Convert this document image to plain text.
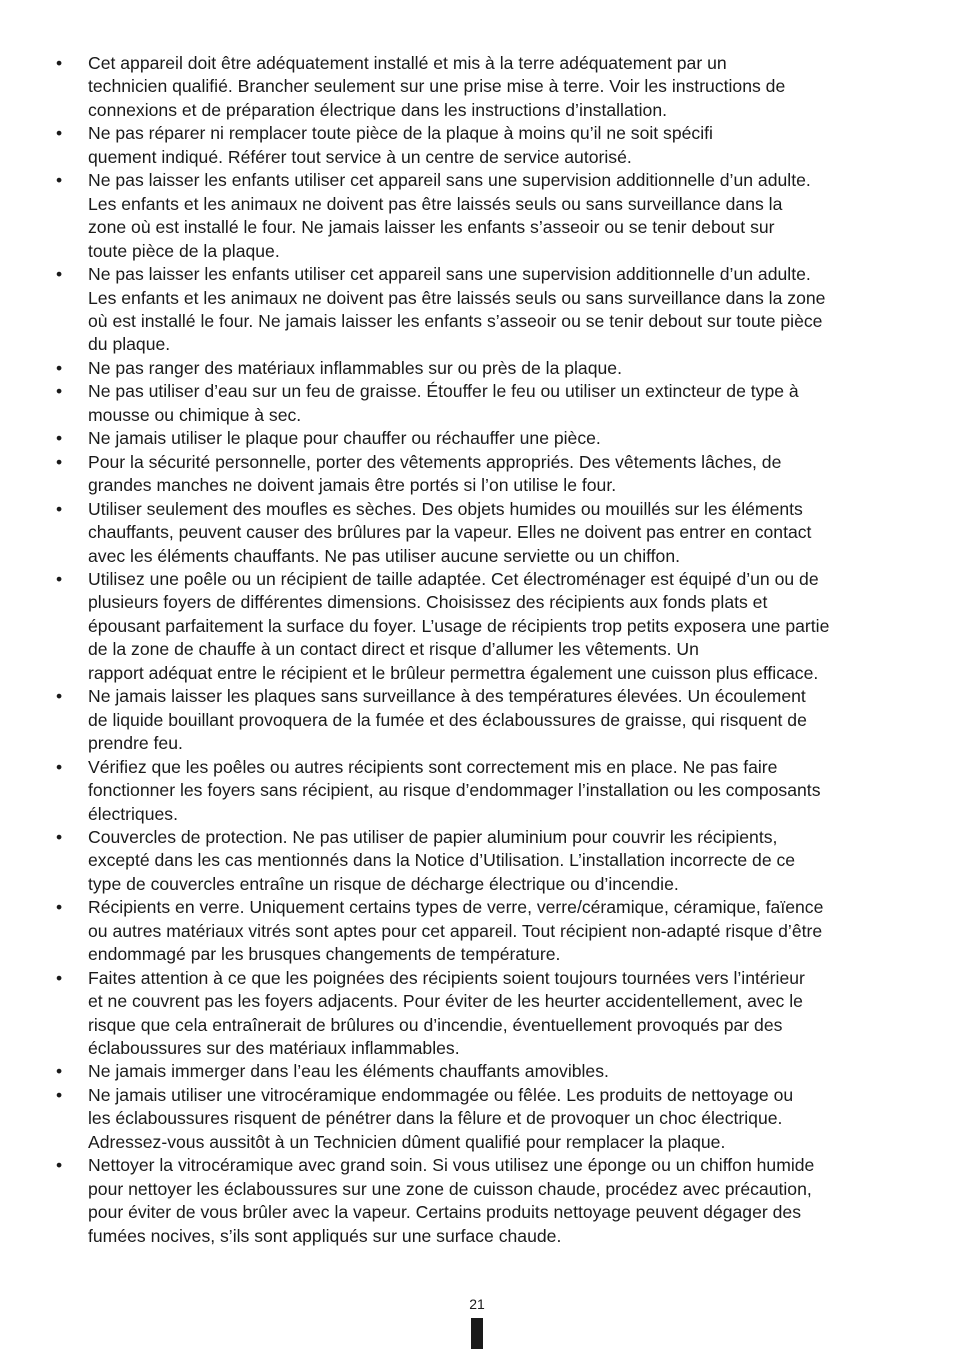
•	Cet appareil doit être adéquatement installé et mis à la terre adéquatement par un
technicien qualifié. Brancher seulement sur une prise mise à terre. Voir les instructions de
connexions et de préparation électrique dans les instructions d’installation.
•	Ne pas réparer ni remplacer toute pièce de la plaque à moins qu’il ne soit spécifi
quement indiqué. Référer tout service à un centre de service autorisé.
•	Ne pas laisser les enfants utiliser cet appareil sans une supervision additionnelle d’un adulte.
Les enfants et les animaux ne doivent pas être laissés seuls ou sans surveillance dans la
zone où est installé le four. Ne jamais laisser les enfants s’asseoir ou se tenir debout sur
toute pièce de la plaque.
•	Ne pas laisser les enfants utiliser cet appareil sans une supervision additionnelle d’un adulte.
Les enfants et les animaux ne doivent pas être laissés seuls ou sans surveillance dans la zone
où est installé le four. Ne jamais laisser les enfants s’asseoir ou se tenir debout sur toute pièce
du plaque.
•	Ne pas ranger des matériaux inflammables sur ou près de la plaque.
•	Ne pas utiliser d’eau sur un feu de graisse. Étouffer le feu ou utiliser un extincteur de type à
mousse ou chimique à sec.
•	Ne jamais utiliser le plaque pour chauffer ou réchauffer une pièce.
•	Pour la sécurité personnelle, porter des vêtements appropriés. Des vêtements lâches, de
grandes manches ne doivent jamais être portés si l’on utilise le four.
•	Utiliser seulement des moufles es sèches. Des objets humides ou mouillés sur les éléments
chauffants, peuvent causer des brûlures par la vapeur. Elles ne doivent pas entrer en contact
avec les éléments chauffants. Ne pas utiliser aucune serviette ou un chiffon.
•	Utilisez une poêle ou un récipient de taille adaptée. Cet électroménager est équipé d’un ou de
plusieurs foyers de différentes dimensions. Choisissez des récipients aux fonds plats et
épousant parfaitement la surface du foyer. L’usage de récipients trop petits exposera une partie
de la zone de chauffe à un contact direct et risque d’allumer les vêtements. Un
rapport adéquat entre le récipient et le brûleur permettra également une cuisson plus efficace.
•	Ne jamais laisser les plaques sans surveillance à des températures élevées. Un écoulement
de liquide bouillant provoquera de la fumée et des éclaboussures de graisse, qui risquent de
prendre feu.
•	Vérifiez que les poêles ou autres récipients sont correctement mis en place. Ne pas faire
fonctionner les foyers sans récipient, au risque d’endommager l’installation ou les composants
électriques.
•	Couvercles de protection. Ne pas utiliser de papier aluminium pour couvrir les récipients,
excepté dans les cas mentionnés dans la Notice d’Utilisation. L’installation incorrecte de ce
type de couvercles entraîne un risque de décharge électrique ou d’incendie.
•	Récipients en verre. Uniquement certains types de verre, verre/céramique, céramique, faïence
ou autres matériaux vitrés sont aptes pour cet appareil. Tout récipient non-adapté risque d’être
endommagé par les brusques changements de température.
•	Faites attention à ce que les poignées des récipients soient toujours tournées vers l’intérieur
et ne couvrent pas les foyers adjacents. Pour éviter de les heurter accidentellement, avec le
risque que cela entraînerait de brûlures ou d’incendie, éventuellement provoqués par des
éclaboussures sur des matériaux inflammables.
•	Ne jamais immerger dans l’eau les éléments chauffants amovibles.
•	Ne jamais utiliser une vitrocéramique endommagée ou fêlée. Les produits de nettoyage ou
les éclaboussures risquent de pénétrer dans la fêlure et de provoquer un choc électrique.
Adressez-vous aussitôt à un Technicien dûment qualifié pour remplacer la plaque.
•	Nettoyer la vitrocéramique avec grand soin. Si vous utilisez une éponge ou un chiffon humide
pour nettoyer les éclaboussures sur une zone de cuisson chaude, procédez avec précaution,
pour éviter de vous brûler avec la vapeur. Certains produits nettoyage peuvent dégager des
fumées nocives, s’ils sont appliqués sur une surface chaude.
21
